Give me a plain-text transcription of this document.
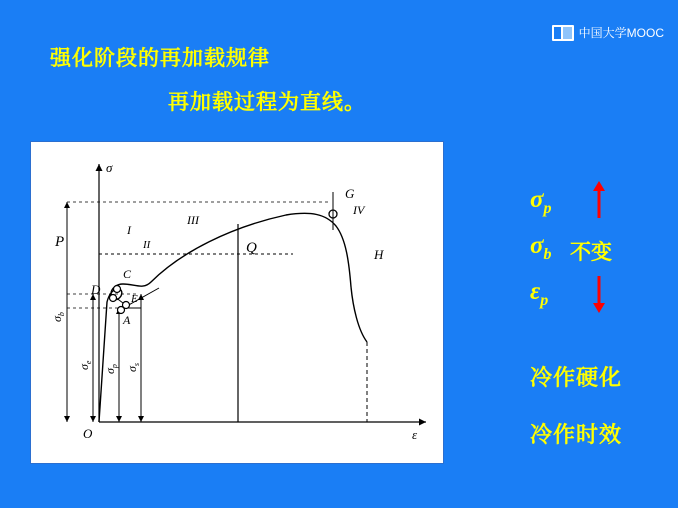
中国大学MOOC
强化阶段的再加载规律
再加载过程为直线。
σ
ε
O
G
H
Q
P
C
D
E
A
I
II
III
IV
$\sigma_b$
$\sigma_e$
$\sigma_p$ $\sigma_s$
$\sigma_p$
$\sigma_b$ 不变
$\varepsilon_p$
冷作硬化
冷作时效
